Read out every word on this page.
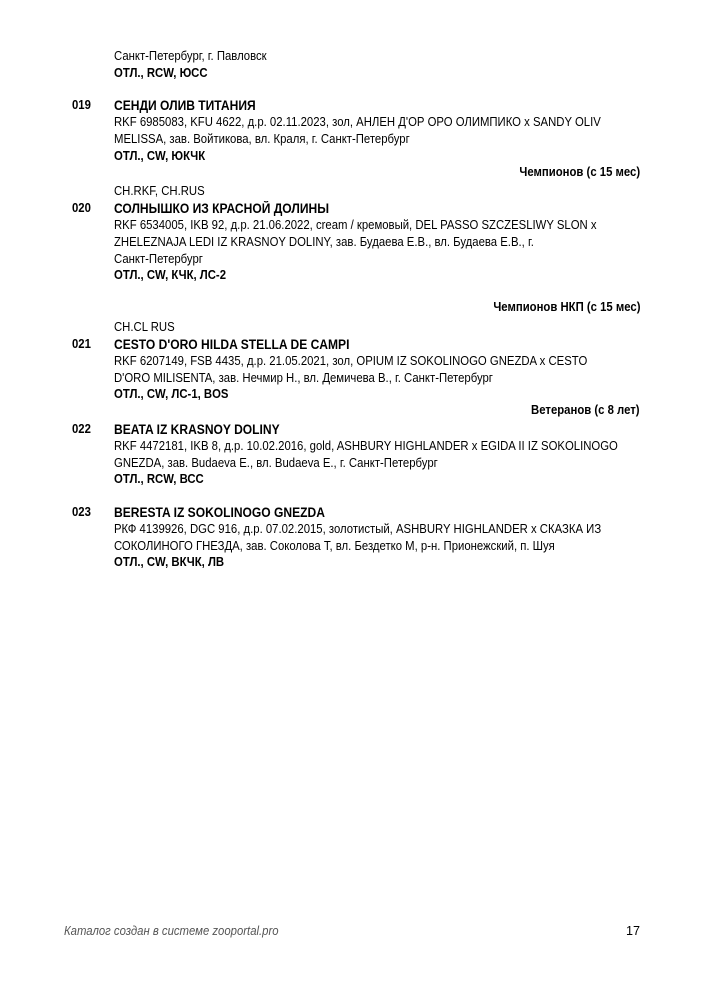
Санкт-Петербург, г. Павловск
ОТЛ., RCW, ЮСС
019 СЕНДИ ОЛИВ ТИТАНИЯ
RKF 6985083, KFU 4622, д.р. 02.11.2023, зол, АНЛЕН Д'ОР ОРО ОЛИМПИКО x SANDY OLIV
MELISSA, зав. Войтикова, вл. Краля, г. Санкт-Петербург
ОТЛ., CW, ЮКЧК
Чемпионов (с 15 мес)
CH.RKF, CH.RUS
020 СОЛНЫШКО ИЗ КРАСНОЙ ДОЛИНЫ
RKF 6534005, IKB 92, д.р. 21.06.2022, cream / кремовый, DEL PASSO SZCZESLIWY SLON x
ZHELEZNAJA LEDI IZ KRASNOY DOLINY, зав. Будаева Е.В., вл. Будаева Е.В., г.
Санкт-Петербург
ОТЛ., CW, КЧК, ЛС-2
Чемпионов НКП (с 15 мес)
CH.CL RUS
021 CESTO D'ORO HILDA STELLA DE CAMPI
RKF 6207149, FSB 4435, д.р. 21.05.2021, зол, OPIUM IZ SOKOLINOGO GNEZDA x CESTO
D'ORO MILISENTA, зав. Нечмир Н., вл. Демичева В., г. Санкт-Петербург
ОТЛ., CW, ЛС-1, BOS
Ветеранов (с 8 лет)
022 BEATA IZ KRASNOY DOLINY
RKF 4472181, IKB 8, д.р. 10.02.2016, gold, ASHBURY HIGHLANDER x EGIDA II IZ SOKOLINOGO
GNEZDA, зав. Budaeva E., вл. Budaeva E., г. Санкт-Петербург
ОТЛ., RCW, ВСС
023 BERESTA IZ SOKOLINOGO GNEZDA
РКФ 4139926, DGC 916, д.р. 07.02.2015, золотистый, ASHBURY HIGHLANDER x СКАЗКА ИЗ
СОКОЛИНОГО ГНЕЗДА, зав. Соколова Т, вл. Бездетко М, р-н. Прионежский, п. Шуя
ОТЛ., CW, ВКЧК, ЛВ
Каталог создан в системе zooportal.pro	17
